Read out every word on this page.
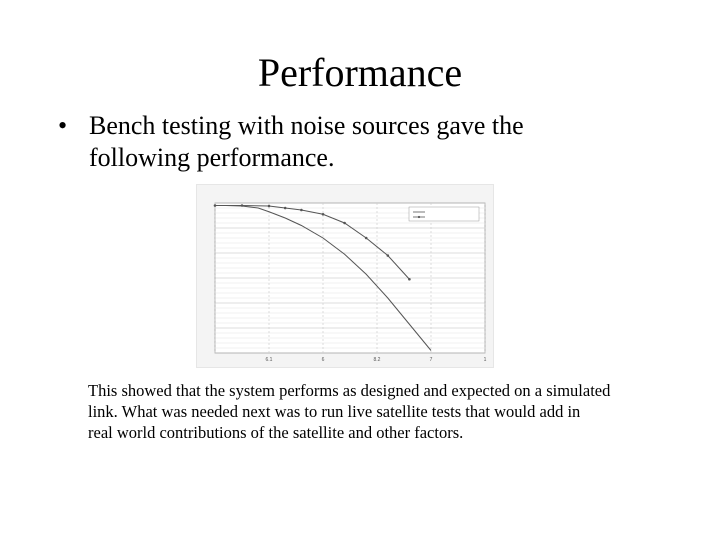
Performance
• Bench testing with noise sources gave the
following performance.
6.1	6	8.2	7	1
This showed that the system performs as designed and expected on a simulated
link. What was needed next was to run live satellite tests that would add in
real world contributions of the satellite and other factors.
